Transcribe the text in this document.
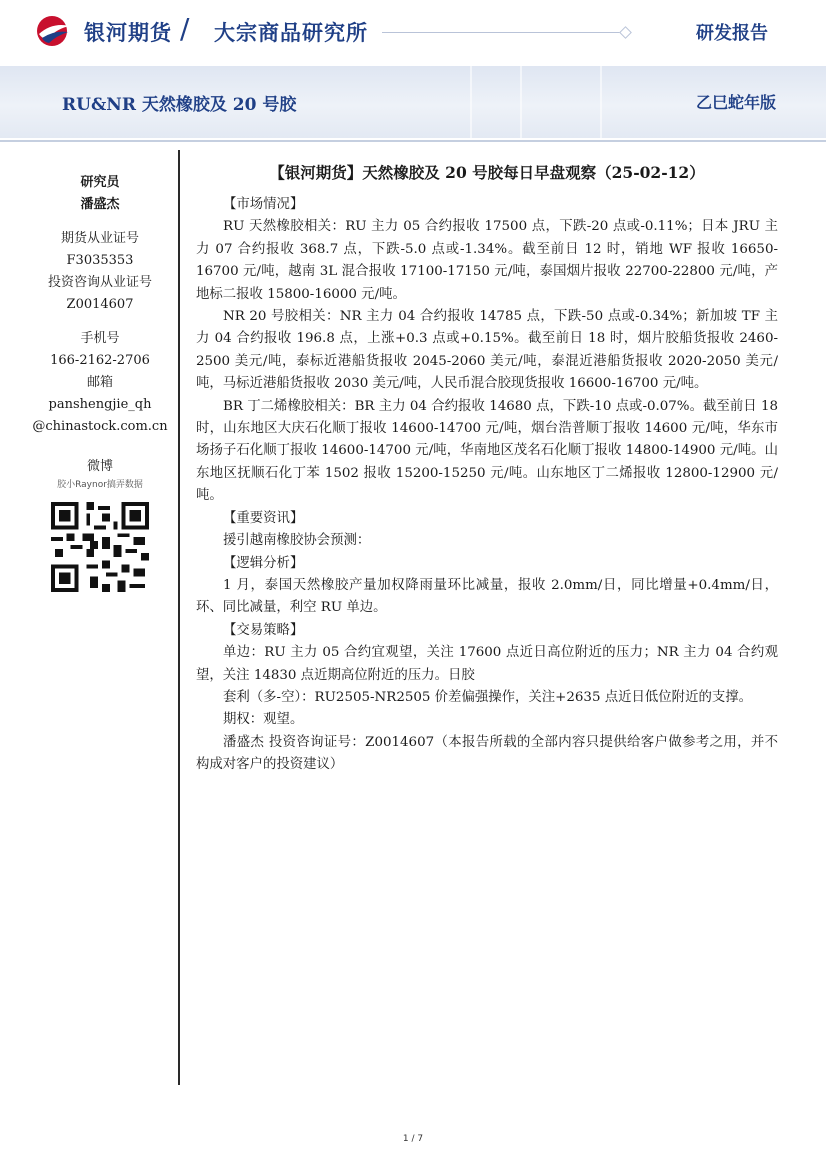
银河期货 / 大宗商品研究所	研发报告
RU&NR 天然橡胶及 20 号胶	乙巳蛇年版
研究员
潘盛杰
期货从业证号
F3035353
投资咨询从业证号
Z0014607
手机号
166-2162-2706
邮箱
panshengjie_qh
@chinastock.com.cn
微博
胶小Raynor搞弄数据
【银河期货】天然橡胶及 20 号胶每日早盘观察（25-02-12）
【市场情况】

RU 天然橡胶相关：RU 主力 05 合约报收 17500 点，下跌-20 点或-0.11%；日本 JRU 主力 07 合约报收 368.7 点，下跌-5.0 点或-1.34%。截至前日 12 时，销地 WF 报收 16650-16700 元/吨，越南 3L 混合报收 17100-17150 元/吨，泰国烟片报收 22700-22800 元/吨，产地标二报收 15800-16000 元/吨。

NR 20 号胶相关：NR 主力 04 合约报收 14785 点，下跌-50 点或-0.34%；新加坡 TF 主力 04 合约报收 196.8 点，上涨+0.3 点或+0.15%。截至前日 18 时，烟片胶船货报收 2460-2500 美元/吨，泰标近港船货报收 2045-2060 美元/吨，泰混近港船货报收 2020-2050 美元/吨，马标近港船货报收 2030 美元/吨，人民币混合胶现货报收 16600-16700 元/吨。

BR 丁二烯橡胶相关：BR 主力 04 合约报收 14680 点，下跌-10 点或-0.07%。截至前日 18 时，山东地区大庆石化顺丁报收 14600-14700 元/吨，烟台浩普顺丁报收 14600 元/吨，华东市场扬子石化顺丁报收 14600-14700 元/吨，华南地区茂名石化顺丁报收 14800-14900 元/吨。山东地区抚顺石化丁苯 1502 报收 15200-15250 元/吨。山东地区丁二烯报收 12800-12900 元/吨。

【重要资讯】
援引越南橡胶协会预测：
【逻辑分析】

1 月，泰国天然橡胶产量加权降雨量环比减量，报收 2.0mm/日，同比增量+0.4mm/日，环、同比减量，利空 RU 单边。

【交易策略】

单边：RU 主力 05 合约宜观望，关注 17600 点近日高位附近的压力；NR 主力 04 合约观望，关注 14830 点近期高位附近的压力。日胶

套利（多-空）：RU2505-NR2505 价差偏强操作，关注+2635 点近日低位附近的支撑。

期权：观望。

潘盛杰 投资咨询证号：Z0014607（本报告所载的全部内容只提供给客户做参考之用，并不构成对客户的投资建议）

1 / 7
